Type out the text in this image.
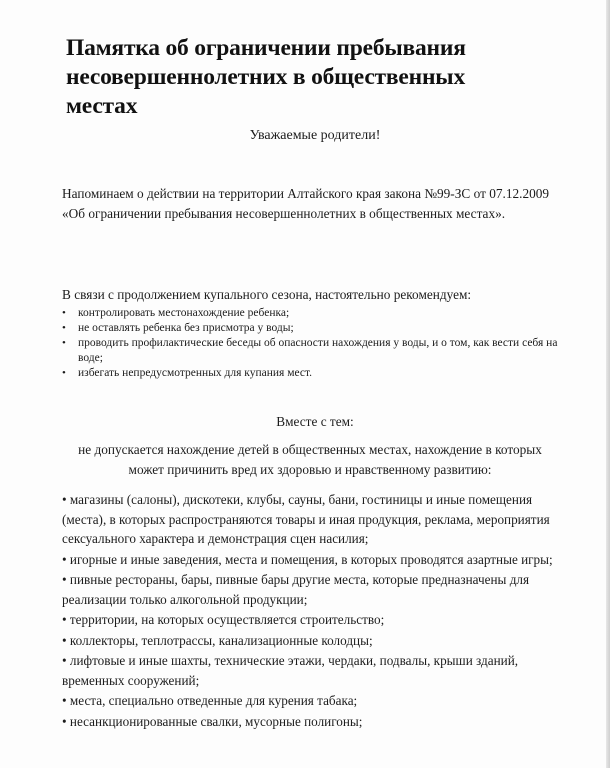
Памятка об ограничении пребывания несовершеннолетних в общественных местах
Уважаемые родители!

Напоминаем о действии на территории Алтайского края закона №99-ЗС от 07.12.2009 «Об ограничении пребывания несовершеннолетних в общественных местах».

В связи с продолжением купального сезона, настоятельно рекомендуем:

• контролировать местонахождение ребенка;
• не оставлять ребенка без присмотра у воды;
• проводить профилактические беседы об опасности нахождения у воды, и о том, как вести себя на воде;
• избегать непредусмотренных для купания мест.
Вместе с тем:
не допускается нахождение детей в общественных местах, нахождение в которых может причинить вред их здоровью и нравственному развитию:
• магазины (салоны), дискотеки, клубы, сауны, бани, гостиницы и иные помещения (места), в которых распространяются товары и иная продукция, реклама, мероприятия сексуального характера и демонстрация сцен насилия;
• игорные и иные заведения, места и помещения, в которых проводятся азартные игры;
• пивные рестораны, бары, пивные бары другие места, которые предназначены для реализации только алкогольной продукции;
• территории, на которых осуществляется строительство;
• коллекторы, теплотрассы, канализационные колодцы;
• лифтовые и иные шахты, технические этажи, чердаки, подвалы, крыши зданий, временных сооружений;
• места, специально отведенные для курения табака;
• несанкционированные свалки, мусорные полигоны;
